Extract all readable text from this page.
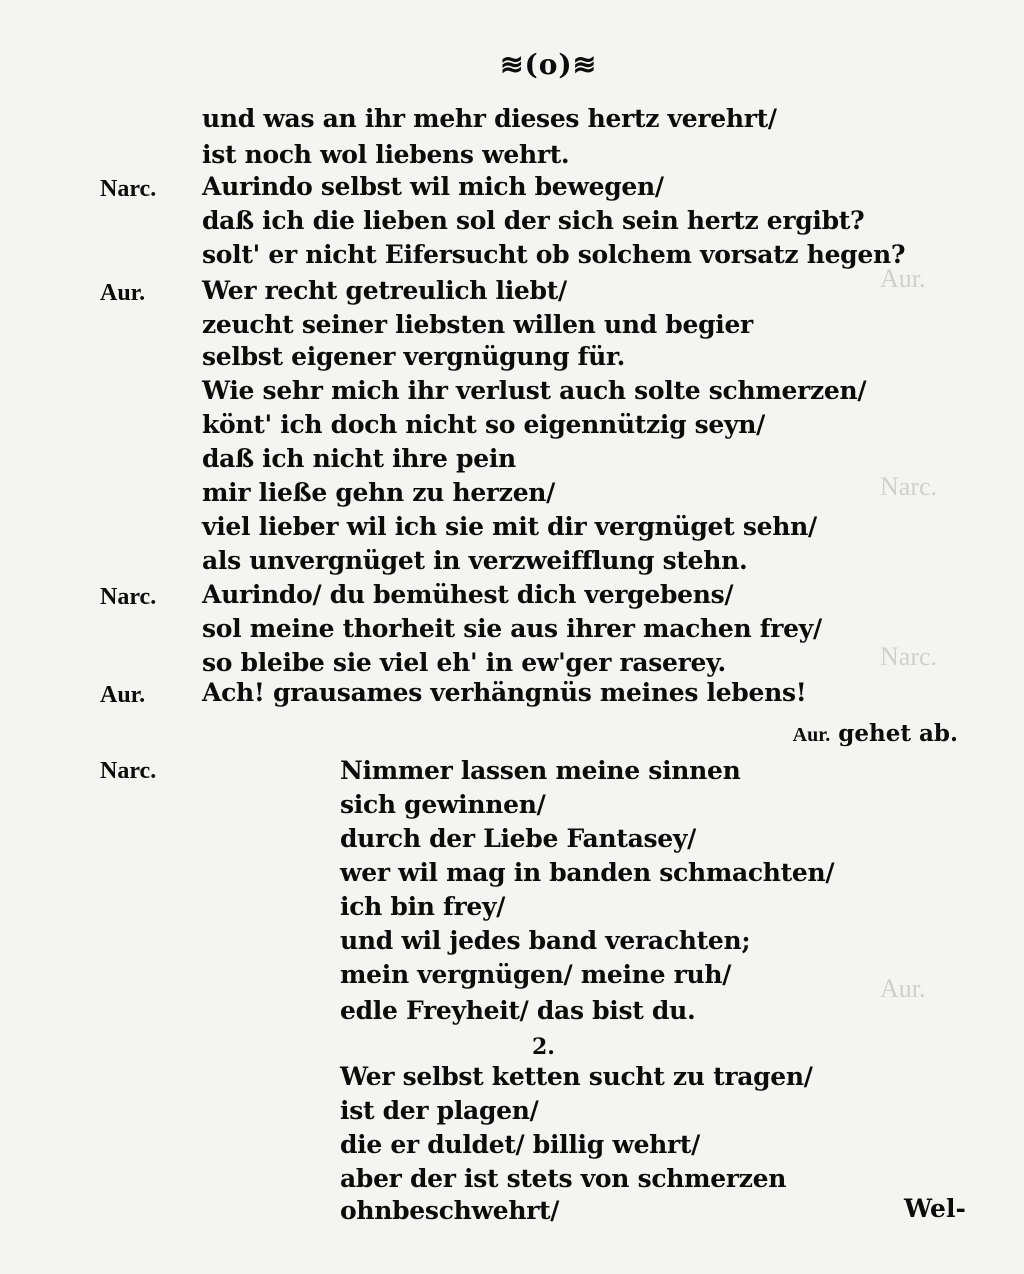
Aur.
Narc.
Narc.
Aur.
≋(o)≋
und was an ihr mehr dieses hertz verehrt/
ist noch wol liebens wehrt.
Narc. Aurindo selbst wil mich bewegen/
daß ich die lieben sol der sich sein hertz ergibt?
solt' er nicht Eifersucht ob solchem vorsatz hegen?
Aur. Wer recht getreulich liebt/
zeucht seiner liebsten willen und begier
selbst eigener vergnügung für.
Wie sehr mich ihr verlust auch solte schmerzen/
könt' ich doch nicht so eigennützig seyn/
daß ich nicht ihre pein
mir ließe gehn zu herzen/
viel lieber wil ich sie mit dir vergnüget sehn/
als unvergnüget in verzweifflung stehn.
Narc. Aurindo/ du bemühest dich vergebens/
sol meine thorheit sie aus ihrer machen frey/
so bleibe sie viel eh' in ew'ger raserey.
Aur. Ach! grausames verhängnüs meines lebens!
Aur. gehet ab.
Narc.	Nimmer lassen meine sinnen
sich gewinnen/
durch der Liebe Fantasey/
wer wil mag in banden schmachten/
ich bin frey/
und wil jedes band verachten;
mein vergnügen/ meine ruh/
edle Freyheit/ das bist du.
2.
Wer selbst ketten sucht zu tragen/
ist der plagen/
die er duldet/ billig wehrt/
aber der ist stets von schmerzen
ohnbeschwehrt/	Wel-
